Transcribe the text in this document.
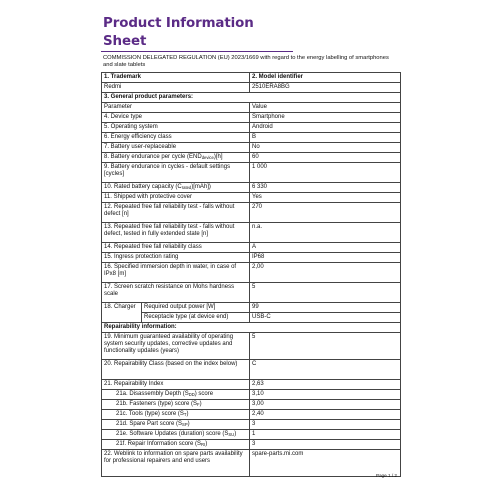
Product Information Sheet
COMMISSION DELEGATED REGULATION (EU) 2023/1669 with regard to the energy labelling of smartphones and slate tablets
1. Trademark		2. Model identifier
Redmi		2510ERA8BG
3. General product parameters:		
Parameter		Value
4. Device type		Smartphone
5. Operating system		Android
6. Energy efficiency class		B
7. Battery user-replaceable		No
8. Battery endurance per cycle $(END_{device})[h]$		60
9. Battery endurance in cycles - default settings [cycles]		1 000
10. Rated battery capacity $(C_{rated})[mAh]$)		6 330
11. Shipped with protective cover		Yes
12. Repeated free fall reliability test - falls without defect [n]		270
13. Repeated free fall reliability test - falls without defect, tested in fully extended state [n]		n.a.
14. Repeated free fall reliability class		A
15. Ingress protection rating		IP68
16. Specified immersion depth in water, in case of IPx8 [m]		2,00
17. Screen scratch resistance on Mohs hardness scale		5
18. Charger	Required output power [W]	99
	Receptacle type (at device end)	USB-C
Repairability information:		
19. Minimum guaranteed availability of operating system security updates, corrective updates and functionality updates (years)		5
20. Repairability Class (based on the index below)		C
21. Repairability Index		2,63
21a. Disassembly Depth $(S_{DD})$ score		3,10
21b. Fasteners (type) score $(S_F)$		3,00
21c. Tools (type) score $(S_T)$		2,40
21d. Spare Part score $(S_{SP})$		3
21e. Software Updates (duration) score $(S_{SU})$		1
21f. Repair Information score $(S_{RI})$		3
22. Weblink to information on spare parts availability for professional repairers and end users		spare-parts.mi.com
Page 1 / 2
